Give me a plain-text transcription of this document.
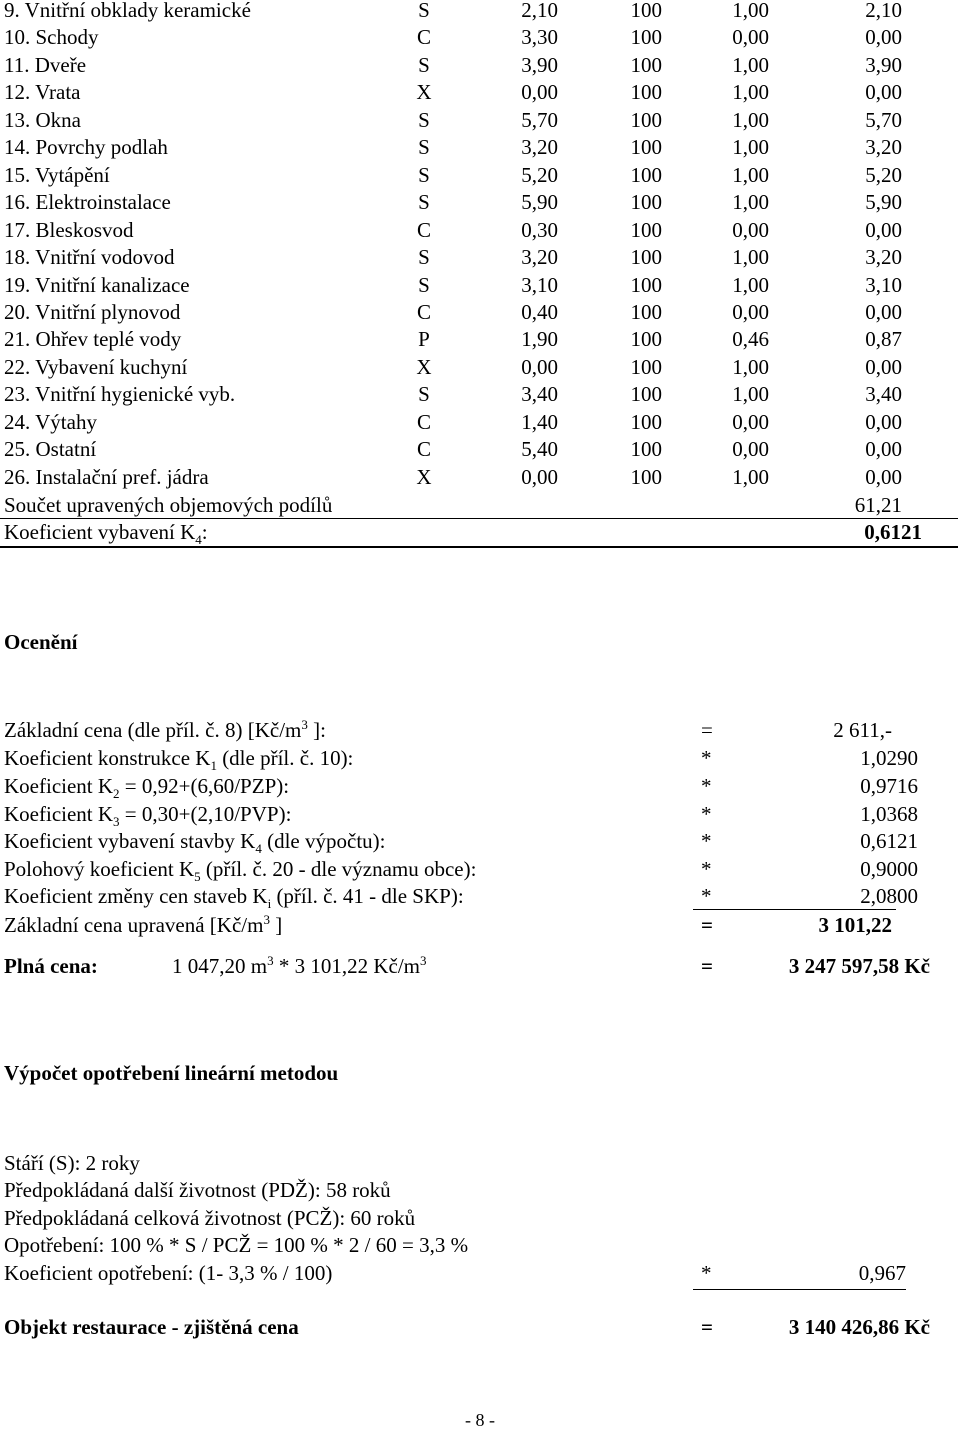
9. Vnitřní obklady keramické	S	2,10	100	1,00	2,10
10. Schody	C	3,30	100	0,00	0,00
11. Dveře	S	3,90	100	1,00	3,90
12. Vrata	X	0,00	100	1,00	0,00
13. Okna	S	5,70	100	1,00	5,70
14. Povrchy podlah	S	3,20	100	1,00	3,20
15. Vytápění	S	5,20	100	1,00	5,20
16. Elektroinstalace	S	5,90	100	1,00	5,90
17. Bleskosvod	C	0,30	100	0,00	0,00
18. Vnitřní vodovod	S	3,20	100	1,00	3,20
19. Vnitřní kanalizace	S	3,10	100	1,00	3,10
20. Vnitřní plynovod	C	0,40	100	0,00	0,00
21. Ohřev teplé vody	P	1,90	100	0,46	0,87
22. Vybavení kuchyní	X	0,00	100	1,00	0,00
23. Vnitřní hygienické vyb.	S	3,40	100	1,00	3,40
24. Výtahy	C	1,40	100	0,00	0,00
25. Ostatní	C	5,40	100	0,00	0,00
26. Instalační pref. jádra	X	0,00	100	1,00	0,00
Součet upravených objemových podílů	61,21
Koeficient vybavení $K_4$:	0,6121
Ocenění
Základní cena (dle příl. č. 8) [$Kč/m^3$ ]:	=	2 611,-
Koeficient konstrukce $K_1$ (dle příl. č. 10):	*	1,0290
Koeficient $K_2 = 0,92+(6,60/PZP)$:	*	0,9716
Koeficient $K_3 = 0,30+(2,10/PVP)$:	*	1,0368
Koeficient vybavení stavby $K_4$ (dle výpočtu):	*	0,6121
Polohový koeficient $K_5$ (příl. č. 20 - dle významu obce):	*	0,9000
Koeficient změny cen staveb $K_i$ (příl. č. 41 - dle SKP):	*	2,0800
Základní cena upravená [$Kč/m^3$ ]	=	3 101,22
Plná cena:	1 047,20 $m^3 * 3$ 101,22 $Kč/m^3$	=	3 247 597,58 Kč
Výpočet opotřebení lineární metodou
Stáří (S): 2 roky
Předpokládaná další životnost (PDŽ): 58 roků
Předpokládaná celková životnost (PCŽ): 60 roků
Opotřebení: 100 % * S / PCŽ = 100 % * 2 / 60 = 3,3 %
Koeficient opotřebení: (1- 3,3 % / 100)	*	0,967
Objekt restaurace - zjištěná cena	=	3 140 426,86 Kč
- 8 -
